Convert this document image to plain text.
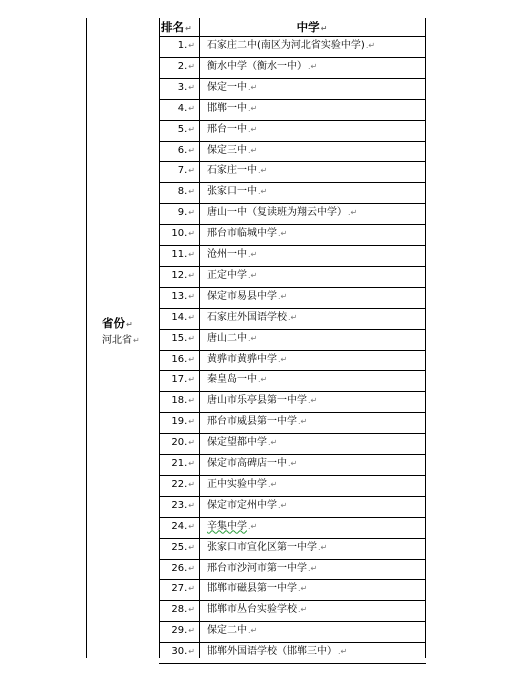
省份↵
河北省↵
排名↵	中学↵
1.↵ 石家庄二中(南区为河北省实验中学).↵
2.↵ 衡水中学（衡水一中）.↵
3.↵ 保定一中.↵
4.↵ 邯郸一中.↵
5.↵ 邢台一中.↵
6.↵ 保定三中.↵
7.↵ 石家庄一中.↵
8.↵ 张家口一中.↵
9.↵ 唐山一中（复读班为翔云中学）.↵
10.↵ 邢台市临城中学.↵
11.↵ 沧州一中.↵
12.↵ 正定中学.↵
13.↵ 保定市易县中学.↵
14.↵ 石家庄外国语学校.↵
15.↵ 唐山二中.↵
16.↵ 黄骅市黄骅中学.↵
17.↵ 秦皇岛一中.↵
18.↵ 唐山市乐亭县第一中学.↵
19.↵ 邢台市威县第一中学.↵
20.↵ 保定望都中学.↵
21.↵ 保定市高碑店一中.↵
22.↵ 正中实验中学.↵
23.↵ 保定市定州中学.↵
24.↵ 辛集中学.↵
25.↵ 张家口市宣化区第一中学.↵
26.↵ 邢台市沙河市第一中学.↵
27.↵ 邯郸市磁县第一中学.↵
28.↵ 邯郸市丛台实验学校.↵
29.↵ 保定二中.↵
30.↵ 邯郸外国语学校（邯郸三中）.↵
